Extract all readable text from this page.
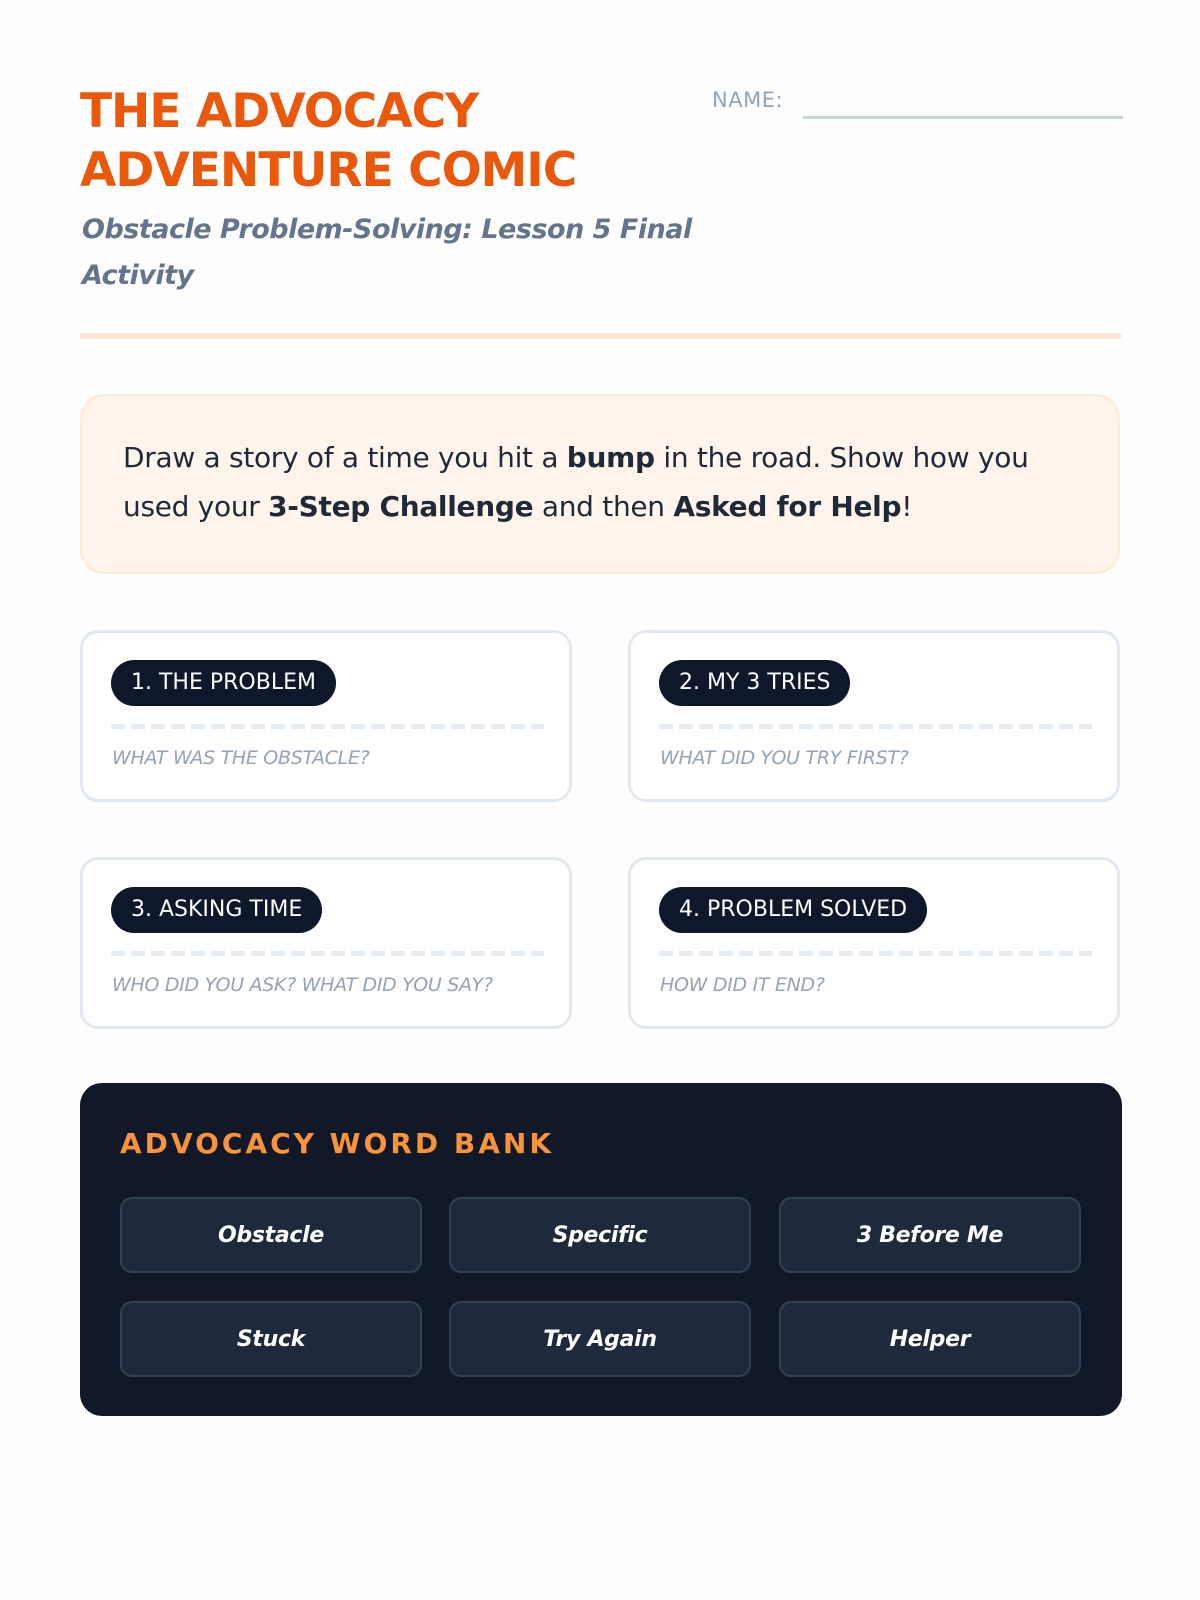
THE ADVOCACY ADVENTURE COMIC

Obstacle Problem-Solving: Lesson 5 Final Activity

NAME:

Draw a story of a time you hit a bump in the road. Show how you used your 3-Step Challenge and then Asked for Help!

1. THE PROBLEM
WHAT WAS THE OBSTACLE?
2. MY 3 TRIES
WHAT DID YOU TRY FIRST?
3. ASKING TIME
WHO DID YOU ASK? WHAT DID YOU SAY?
4. PROBLEM SOLVED
HOW DID IT END?
ADVOCACY WORD BANK
Obstacle	Specific	3 Before Me
Stuck	Try Again	Helper
